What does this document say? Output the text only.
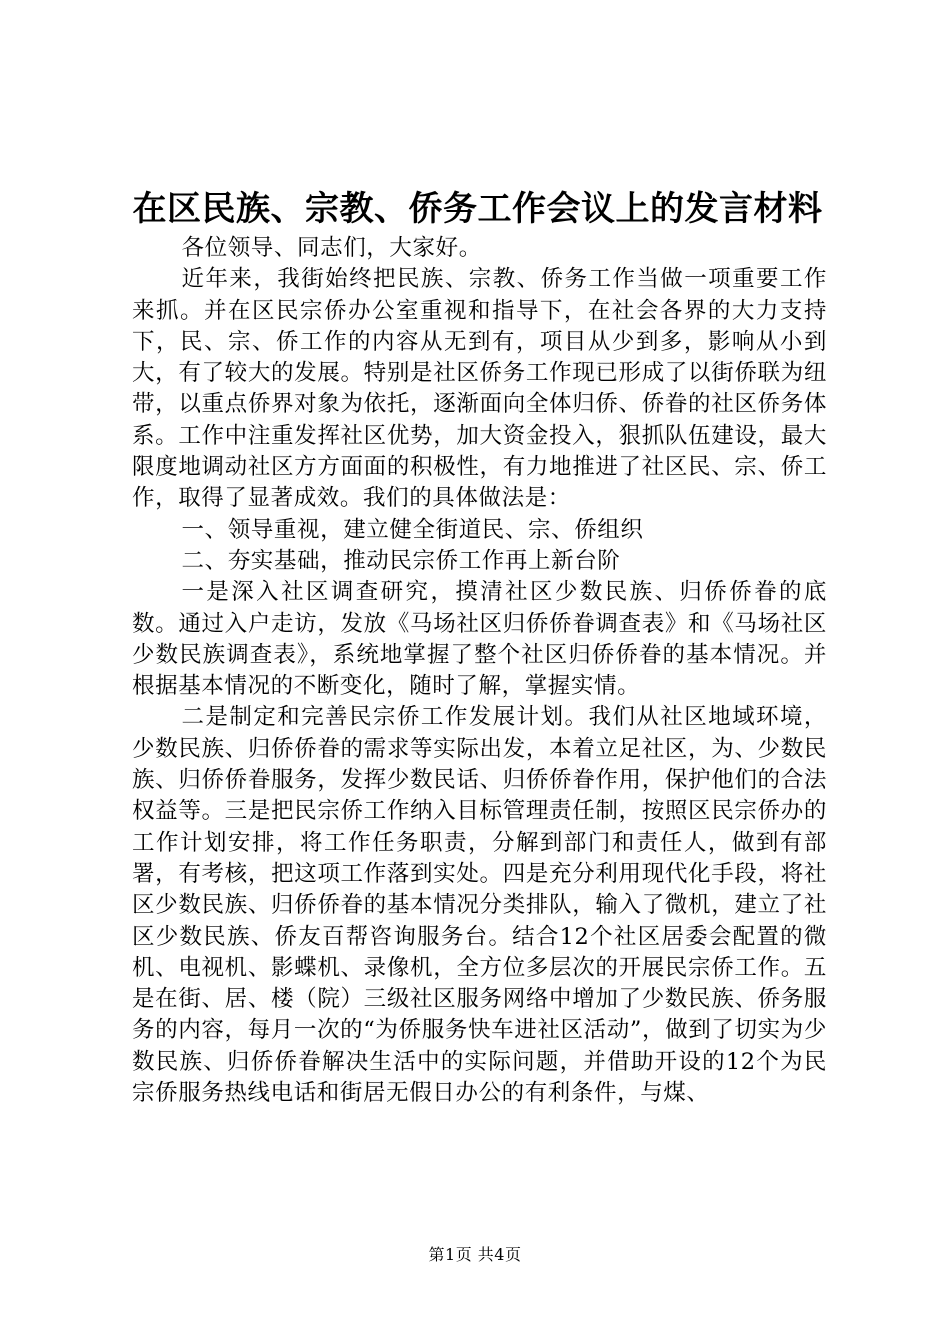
在区民族、宗教、侨务工作会议上的发言材料

各位领导、同志们，大家好。

近年来，我街始终把民族、宗教、侨务工作当做一项重要工作来抓。并在区民宗侨办公室重视和指导下，在社会各界的大力支持下，民、宗、侨工作的内容从无到有，项目从少到多，影响从小到大，有了较大的发展。特别是社区侨务工作现已形成了以街侨联为纽带，以重点侨界对象为依托，逐渐面向全体归侨、侨眷的社区侨务体系。工作中注重发挥社区优势，加大资金投入，狠抓队伍建设，最大限度地调动社区方方面面的积极性，有力地推进了社区民、宗、侨工作，取得了显著成效。我们的具体做法是：

一、领导重视，建立健全街道民、宗、侨组织

二、夯实基础，推动民宗侨工作再上新台阶

一是深入社区调查研究，摸清社区少数民族、归侨侨眷的底数。通过入户走访，发放《马场社区归侨侨眷调查表》和《马场社区少数民族调查表》，系统地掌握了整个社区归侨侨眷的基本情况。并根据基本情况的不断变化，随时了解，掌握实情。

二是制定和完善民宗侨工作发展计划。我们从社区地域环境，少数民族、归侨侨眷的需求等实际出发，本着立足社区，为、少数民族、归侨侨眷服务，发挥少数民话、归侨侨眷作用，保护他们的合法权益等。三是把民宗侨工作纳入目标管理责任制，按照区民宗侨办的工作计划安排，将工作任务职责，分解到部门和责任人，做到有部署，有考核，把这项工作落到实处。四是充分利用现代化手段，将社区少数民族、归侨侨眷的基本情况分类排队，输入了微机，建立了社区少数民族、侨友百帮咨询服务台。结合12个社区居委会配置的微机、电视机、影蝶机、录像机，全方位多层次的开展民宗侨工作。五是在街、居、楼（院）三级社区服务网络中增加了少数民族、侨务服务的内容，每月一次的“为侨服务快车进社区活动”，做到了切实为少数民族、归侨侨眷解决生活中的实际问题，并借助开设的12个为民宗侨服务热线电话和街居无假日办公的有利条件，与煤、

第1页 共4页
